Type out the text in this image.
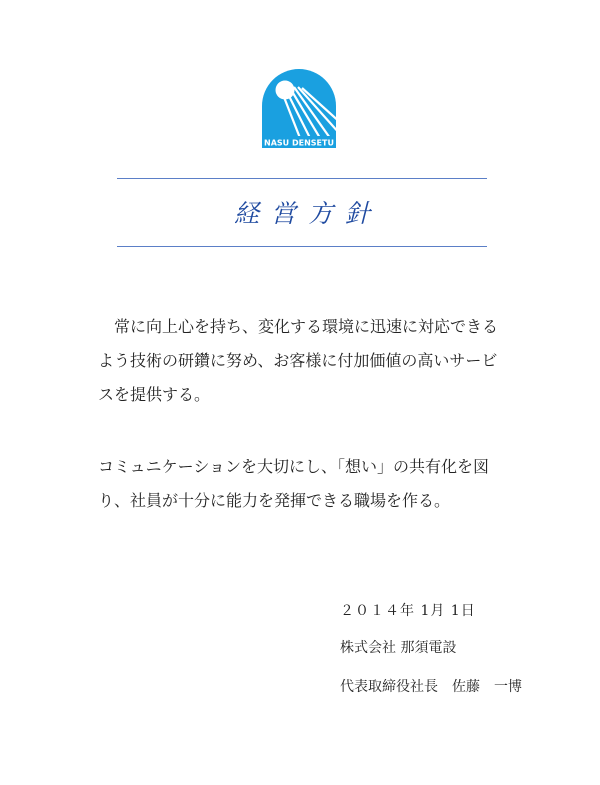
NASU DENSETU
経営方針

常に向上心を持ち、変化する環境に迅速に対応できる
よう技術の研鑽に努め、お客様に付加価値の高いサービ
スを提供する。

コミュニケーションを大切にし、「想い」の共有化を図
り、社員が十分に能力を発揮できる職場を作る。

２０１４年 1月 1日
株式会社 那須電設
代表取締役社長　佐藤　一博
